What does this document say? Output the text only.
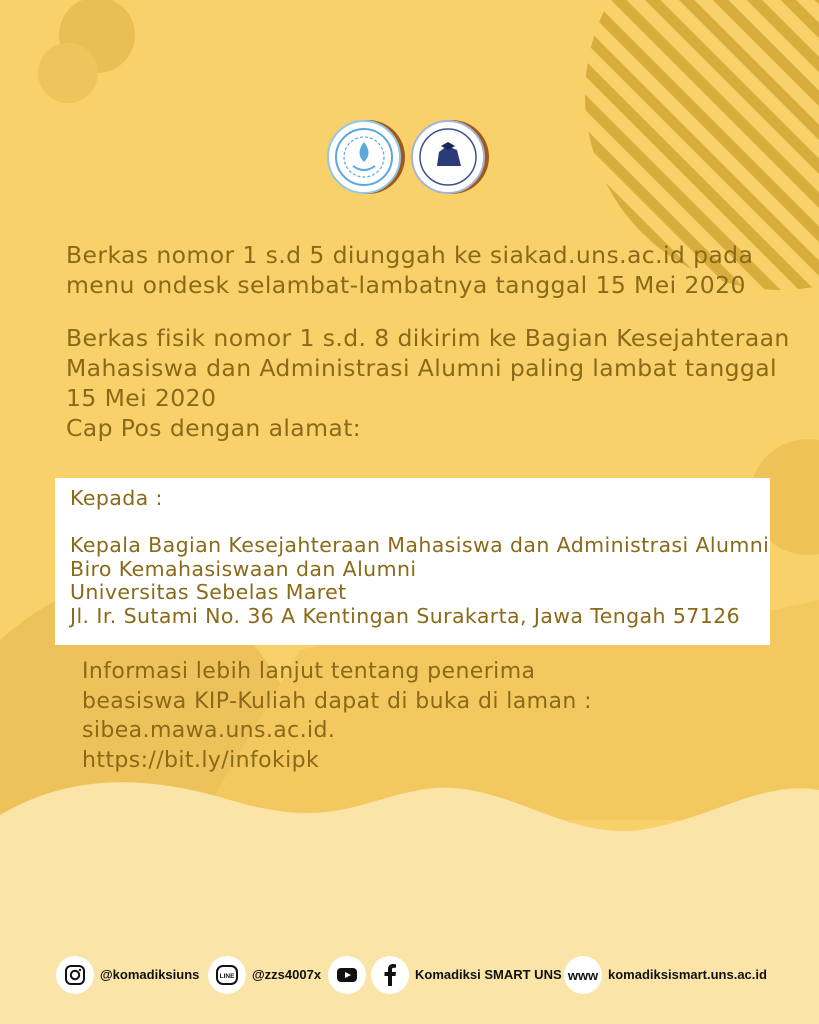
Berkas nomor 1 s.d 5 diunggah ke siakad.uns.ac.id pada
menu ondesk selambat-lambatnya tanggal 15 Mei 2020

Berkas fisik nomor 1 s.d. 8 dikirim ke Bagian Kesejahteraan
Mahasiswa dan Administrasi Alumni paling lambat tanggal
15 Mei 2020
Cap Pos dengan alamat:

Kepada :

Kepala Bagian Kesejahteraan Mahasiswa dan Administrasi Alumni
Biro Kemahasiswaan dan Alumni
Universitas Sebelas Maret
Jl. Ir. Sutami No. 36 A Kentingan Surakarta, Jawa Tengah 57126

Informasi lebih lanjut tentang penerima
beasiswa KIP-Kuliah dapat di buka di laman :
sibea.mawa.uns.ac.id.
https://bit.ly/infokipk

@komadiksiuns	LINE @zzs4007x	Komadiksi SMART UNS www komadiksismart.uns.ac.id
